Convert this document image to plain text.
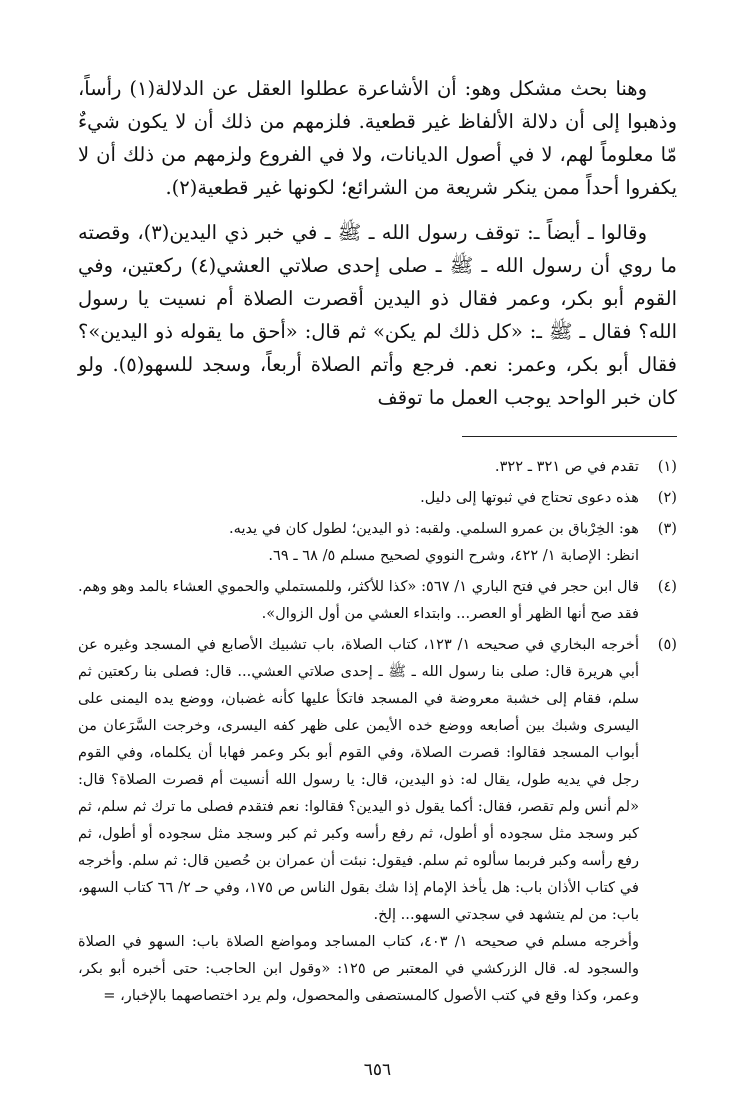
وهنا بحث مشكل وهو: أن الأشاعرة عطلوا العقل عن الدلالة(١) رأساً، وذهبوا إلى أن دلالة الألفاظ غير قطعية. فلزمهم من ذلك أن لا يكون شيءٌ مّا معلوماً لهم، لا في أصول الديانات، ولا في الفروع ولزمهم من ذلك أن لا يكفروا أحداً ممن ينكر شريعة من الشرائع؛ لكونها غير قطعية(٢).

وقالوا ـ أيضاً ـ: توقف رسول الله ـ ﷺ ـ في خبر ذي اليدين(٣)، وقصته ما روي أن رسول الله ـ ﷺ ـ صلى إحدى صلاتي العشي(٤) ركعتين، وفي القوم أبو بكر، وعمر فقال ذو اليدين أقصرت الصلاة أم نسيت يا رسول الله؟ فقال ـ ﷺ ـ: «كل ذلك لم يكن» ثم قال: «أحق ما يقوله ذو اليدين»؟ فقال أبو بكر، وعمر: نعم. فرجع وأتم الصلاة أربعاً، وسجد للسهو(٥). ولو كان خبر الواحد يوجب العمل ما توقف

(١)
تقدم في ص ٣٢١ ـ ٣٢٢.
(٢)
هذه دعوى تحتاج في ثبوتها إلى دليل.
(٣)
هو: الخِرْباق بن عمرو السلمي. ولقبه: ذو اليدين؛ لطول كان في يديه.
انظر: الإصابة ١/ ٤٢٢، وشرح النووي لصحيح مسلم ٥/ ٦٨ ـ ٦٩.
(٤)
قال ابن حجر في فتح الباري ١/ ٥٦٧: «كذا للأكثر، وللمستملي والحموي العشاء بالمد وهو وهم. فقد صح أنها الظهر أو العصر... وابتداء العشي من أول الزوال».
(٥)
أخرجه البخاري في صحيحه ١/ ١٢٣، كتاب الصلاة، باب تشبيك الأصابع في المسجد وغيره عن أبي هريرة قال: صلى بنا رسول الله ـ ﷺ ـ إحدى صلاتي العشي... قال: فصلى بنا ركعتين ثم سلم، فقام إلى خشبة معروضة في المسجد فاتكأ عليها كأنه غضبان، ووضع يده اليمنى على اليسرى وشبك بين أصابعه ووضع خده الأيمن على ظهر كفه اليسرى، وخرجت السَّرَعان من أبواب المسجد فقالوا: قصرت الصلاة، وفي القوم أبو بكر وعمر فهابا أن يكلماه، وفي القوم رجل في يديه طول، يقال له: ذو اليدين، قال: يا رسول الله أنسيت أم قصرت الصلاة؟ قال: «لم أنس ولم تقصر، فقال: أكما يقول ذو اليدين؟ فقالوا: نعم فتقدم فصلى ما ترك ثم سلم، ثم كبر وسجد مثل سجوده أو أطول، ثم رفع رأسه وكبر ثم كبر وسجد مثل سجوده أو أطول، ثم رفع رأسه وكبر فربما سألوه ثم سلم. فيقول: نبئت أن عمران بن حُصين قال: ثم سلم. وأخرجه في كتاب الأذان باب: هل يأخذ الإمام إذا شك بقول الناس ص ١٧٥، وفي حـ ٢/ ٦٦ كتاب السهو، باب: من لم يتشهد في سجدتي السهو... إلخ.
وأخرجه مسلم في صحيحه ١/ ٤٠٣، كتاب المساجد ومواضع الصلاة باب: السهو في الصلاة والسجود له. قال الزركشي في المعتبر ص ١٢٥: «وقول ابن الحاجب: حتى أخبره أبو بكر، وعمر، وكذا وقع في كتب الأصول كالمستصفى والمحصول، ولم يرد اختصاصهما بالإخبار، =
٦٥٦
